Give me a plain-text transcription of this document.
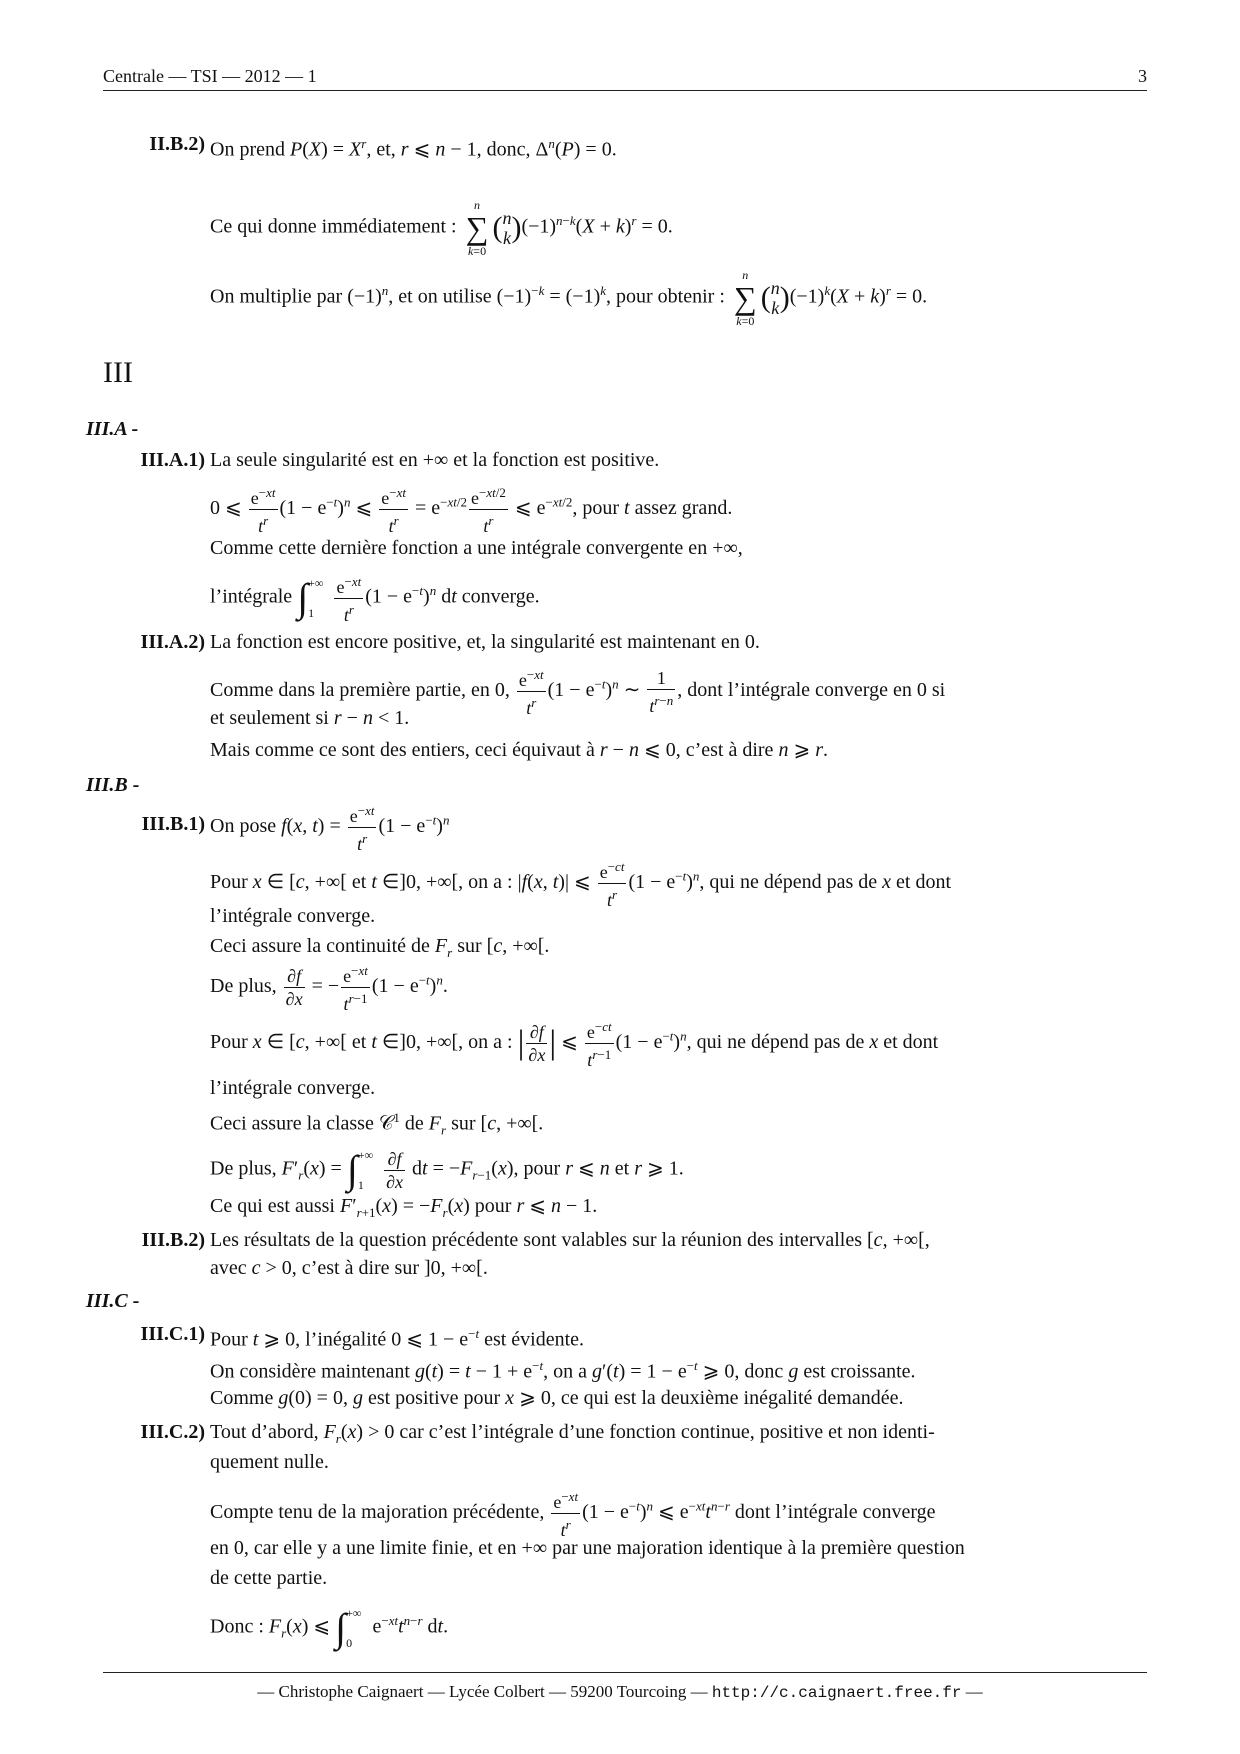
Centrale — TSI — 2012 — 1	3
II.B.2) On prend $P(X) = X^r$, et, r ⩽ n − 1, donc, $\Delta^n(P) = 0$.
Ce qui donne immédiatement : n
∑
k=0(n
$k)(-1)^{n-k}(X + k)^r = 0$.
On multiplie par $(-1)^n$, et on utilise $(-1)^{-k} = (-1)^k$, pour obtenir : n
∑
k=0(n
$k)(-1)^k(X + k)^r = 0$.
III
III.A -
III.A.1) La seule singularité est en +∞ et la fonction est positive.
0 ⩽ $\frac{e^{-xt}}{t^r} (1 - e^{-t})^n$ ⩽ $\frac{e^{-xt}}{t^r} = e^{-xt/2} \frac{e^{-xt/2}}{t^r}$ ⩽ $e^{-xt/2}$, pour t assez grand.
Comme cette dernière fonction a une intégrale convergente en +∞,
l’intégrale ∫+∞
$1 \frac{e^{-xt}}{t^r} (1 - e^{-t})^n$ dt converge.
III.A.2) La fonction est encore positive, et, la singularité est maintenant en 0.
Comme dans la première partie, en 0, $\frac{e^{-xt}}{t^r} (1 - e^{-t})^n$ ∼ $\frac{1}{t^{r-n}}$ , dont l’intégrale converge en 0 si
et seulement si r − n < 1.
Mais comme ce sont des entiers, ceci équivaut à r − n ⩽ 0, c’est à dire n ⩾ r.
III.B -
III.B.1) On pose f(x, $t) = \frac{e^{-xt}}{t^r} (1 - e^{-t})^n$
Pour x ∈ [c, +∞[ et t ∈]0, +∞[, on a : |f(x, t)| ⩽ $\frac{e^{-ct}}{t^r} (1 - e^{-t})^n$, qui ne dépend pas de x et dont
l’intégrale converge.
Ceci assure la continuité de $F_r$ sur [c, +∞[.
De plus, $\frac{\partial f}{\partial x}$ = − $\frac{e^{-xt}}{t^{r-1}} (1 - e^{-t})^n$.
Pour x ∈ [c, +∞[ et t ∈]0, +∞[, on a : | $\frac{\partial f}{\partial x}$ | ⩽ $\frac{e^{-ct}}{t^{r-1}} (1 - e^{-t})^n$, qui ne dépend pas de x et dont
l’intégrale converge.
Ceci assure la classe 𝒞$^1$ de $F_r$ sur [c, +∞[.
De plus, $F'_r(x)$ = ∫+∞
$1 \frac{\partial f}{\partial x}$ dt = $-F_{r-1}(x)$, pour r ⩽ n et r ⩾ 1.
Ce qui est aussi $F'_{r+1}(x) = -F_r(x)$ pour r ⩽ n − 1.
III.B.2) Les résultats de la question précédente sont valables sur la réunion des intervalles [c, +∞[,
avec c > 0, c’est à dire sur ]0, +∞[.
III.C -
III.C.1) Pour t ⩾ 0, l’inégalité 0 ⩽ $1 - e^{-t}$ est évidente.
On considère maintenant $g(t) = t - 1 + e^{-t}$, on a $g'(t) = 1 - e^{-t}$ ⩾ 0, donc g est croissante.
Comme g(0) = 0, g est positive pour x ⩾ 0, ce qui est la deuxième inégalité demandée.
III.C.2) Tout d’abord, $F_r(x) > 0$ car c’est l’intégrale d’une fonction continue, positive et non identi-
quement nulle.
Compte tenu de la majoration précédente, $\frac{e^{-xt}}{t^r} (1 - e^{-t})^n$ ⩽ $e^{-xt}t^{n-r}$ dont l’intégrale converge
en 0, car elle y a une limite finie, et en +∞ par une majoration identique à la première question
de cette partie.
Donc : $F_r(x)$ ⩽ ∫+∞
0 $e^{-xt}t^{n-r}$ dt.
— Christophe Caignaert — Lycée Colbert — 59200 Tourcoing — http://c.caignaert.free.fr —
